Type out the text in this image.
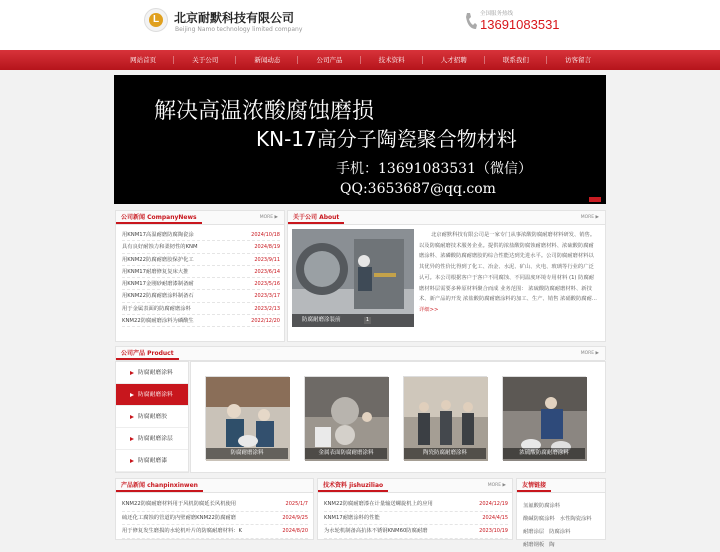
L	北京耐默科技有限公司
Beijing Namo technology limited company
全国服务热线
13691083531
网站首页	关于公司	新闻动态	公司产品	技术资料	人才招聘	联系我们	访客留言
解决高温浓酸腐蚀磨损
KN-17高分子陶瓷聚合物材料
手机：13691083531（微信）
QQ:3653687@qq.com
公司新闻 CompanyNews	MORE ▶
用KNM17高温耐磨防腐陶瓷涂	2024/10/18
具有良好耐蚀力和柔韧性的KNM	2024/8/19
用KNM22防腐耐磨胶保护化工	2023/9/11
用KNM17耐磨修复复床大推	2023/6/14
用KNM17金刚砂耐磨漆制备耐	2023/5/16
用KNM22防腐耐磨涂料制备石	2023/3/17
用于金属表面的防腐耐磨涂料	2023/2/13
KNM22防腐耐磨涂料为磷酸生	2022/12/20
关于公司 About	MORE ▶
防腐耐磨涂装前	1
北京耐默科技有限公司是一家专门从事浓酸防腐耐磨材料研发、销售。以及防腐耐磨技术服务企业。提供的浓盐酸防腐蚀耐磨材料、浓硫酸防腐耐磨涂料、浓磷酸防腐耐磨胶的综合性能达到先进水平。公司防腐耐磨材料以其优异的性价比得到了化工、冶金、水泥、矿山、火电、玻璃等行业的广泛认可。本公司根据客户于客户不同腐蚀、不同温度环境专用材料 (1) 防腐耐磨材料层需要多种原材料聚合而成 业务范围： 浓硫酸防腐耐磨材料、新技术、新产品的开发 浓盐酸防腐耐磨涂料的加工、生产、销售 浓硝酸防腐耐...详细>>
公司产品 Product	MORE ▶
防腐耐磨涂料
防腐耐磨涂料
防腐耐磨胶
防腐耐磨涂层
防腐耐磨漆
防腐耐磨涂料	金属表面防腐耐磨涂料	陶瓷防腐耐磨涂料	浓硫酸防腐耐磨涂料
产品新闻 chanpinxinwen
KNM22防腐耐磨材料用于风机防腐延长风机使用	2025/1/7
硫还化工腐蚀的管道的内壁耐磨KNM22防腐耐磨	2024/9/25
用于修复发生磨损的水轮机叶片的防腐耐磨材料：K	2024/8/20
技术资料 jishuziliao	MORE ▶
KNM22防腐耐磨漆在计量输送螺旋机上的应用	2024/12/19
KNM17耐磨涂料的性能	2024/4/15
为水轮机制备高抗体不锈钢KNM60防腐耐磨	2023/10/19
友情链接
氢氟酸防腐涂料酸碱防腐涂料 水性陶瓷涂料耐磨涂层 防腐涂料耐磨钢板 陶
